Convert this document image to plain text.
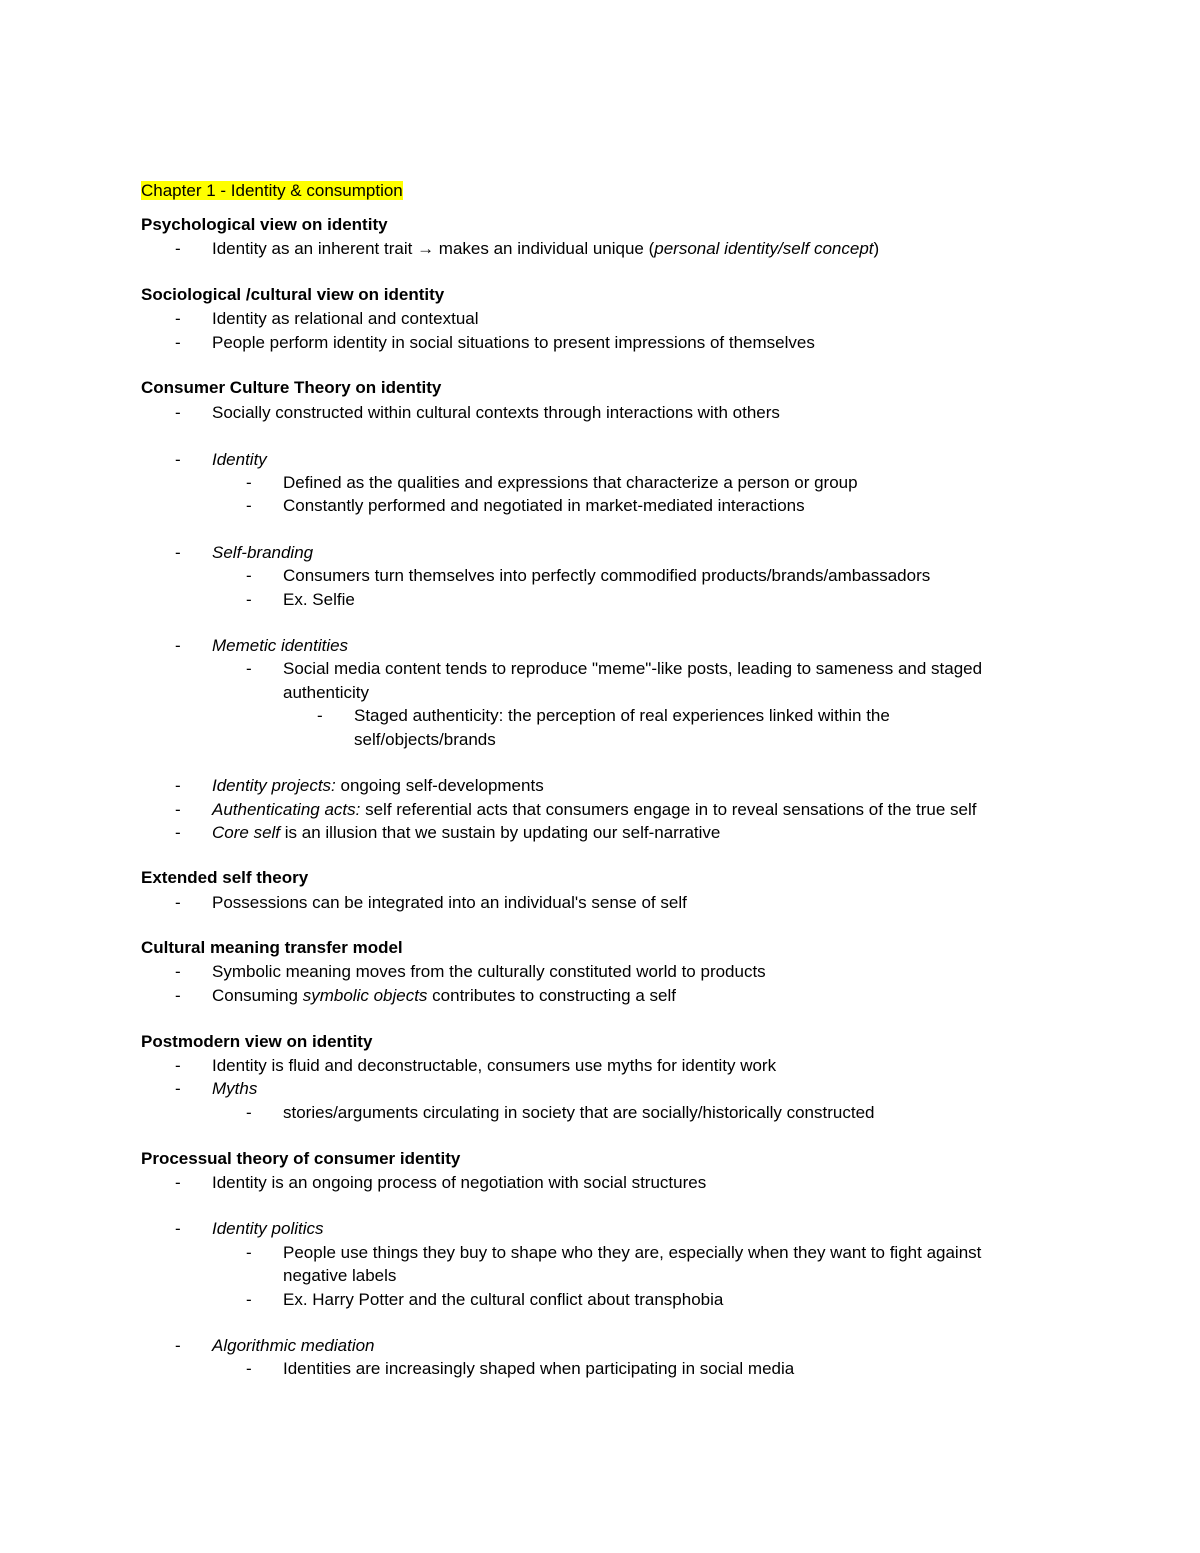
Chapter 1 - Identity & consumption
Psychological view on identity
- Identity as an inherent trait → makes an individual unique (personal identity/self concept)
Sociological /cultural view on identity
- Identity as relational and contextual
- People perform identity in social situations to present impressions of themselves
Consumer Culture Theory on identity
- Socially constructed within cultural contexts through interactions with others
- Identity
- Defined as the qualities and expressions that characterize a person or group
- Constantly performed and negotiated in market-mediated interactions
- Self-branding
- Consumers turn themselves into perfectly commodified products/brands/ambassadors
- Ex. Selfie
- Memetic identities
- Social media content tends to reproduce "meme"-like posts, leading to sameness and staged
authenticity
- Staged authenticity: the perception of real experiences linked within the
self/objects/brands
- Identity projects: ongoing self-developments
- Authenticating acts: self referential acts that consumers engage in to reveal sensations of the true self
- Core self is an illusion that we sustain by updating our self-narrative
Extended self theory
- Possessions can be integrated into an individual's sense of self
Cultural meaning transfer model
- Symbolic meaning moves from the culturally constituted world to products
- Consuming symbolic objects contributes to constructing a self
Postmodern view on identity
- Identity is fluid and deconstructable, consumers use myths for identity work
- Myths
- stories/arguments circulating in society that are socially/historically constructed
Processual theory of consumer identity
- Identity is an ongoing process of negotiation with social structures
- Identity politics
- People use things they buy to shape who they are, especially when they want to fight against
negative labels
- Ex. Harry Potter and the cultural conflict about transphobia
- Algorithmic mediation
- Identities are increasingly shaped when participating in social media
